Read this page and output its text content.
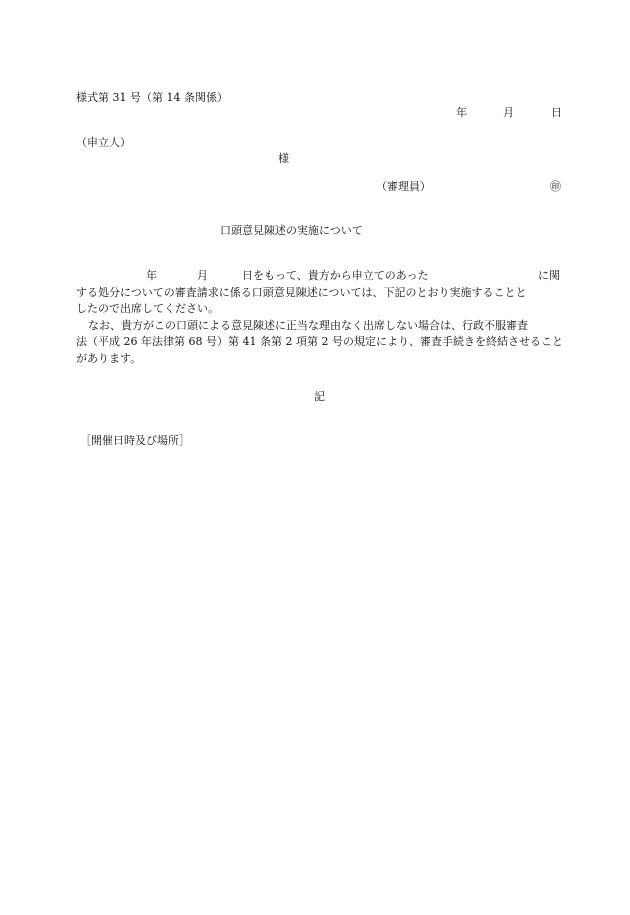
様式第 31 号（第 14 条関係）
年	月	日
（申立人）
様
（審理員）	㊞
口頭意見陳述の実施について
年	月	日をもって、貴方から申立てのあった	に関
する処分についての審査請求に係る口頭意見陳述については、下記のとおり実施することと
したので出席してください。
なお、貴方がこの口頭による意見陳述に正当な理由なく出席しない場合は、行政不服審査
法（平成 26 年法律第 68 号）第 41 条第 2 項第 2 号の規定により、審査手続きを終結させること
があります。
記
［開催日時及び場所］
